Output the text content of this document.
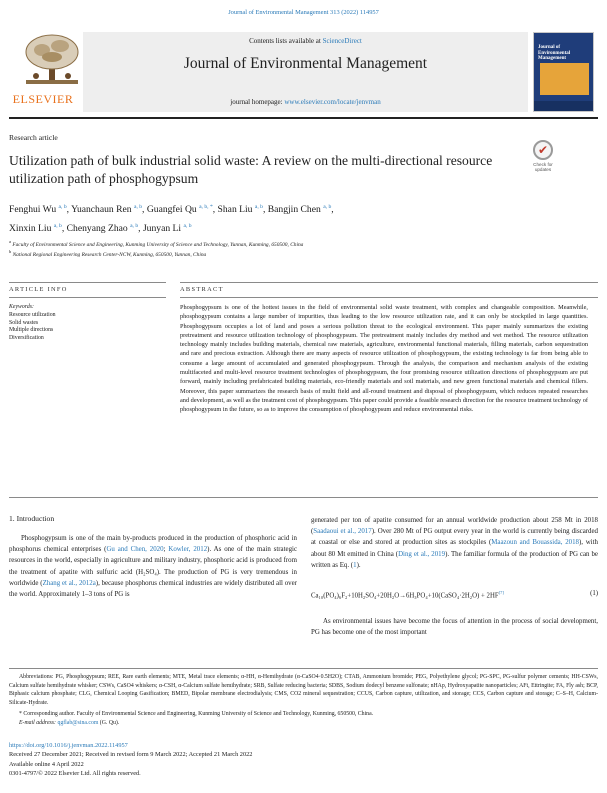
Journal of Environmental Management 313 (2022) 114957
ELSEVIER
Contents lists available at ScienceDirect
Journal of Environmental Management
journal homepage: www.elsevier.com/locate/jenvman
Journal of Environmental Management
Research article
Utilization path of bulk industrial solid waste: A review on the multi-directional resource utilization path of phosphogypsum
✔
Check for updates
Fenghui Wu $^{a, b}$, Yuanchaun Ren $^{a, b}$, Guangfei Qu $^{a, b, *}$, Shan Liu $^{a, b}$, Bangjin Chen $^{a, b}$,
Xinxin Liu $^{a, b}$, Chenyang Zhao $^{a, b}$, Junyan Li $^{a, b}$
$^a$ Faculty of Environmental Science and Engineering, Kunming University of Science and Technology, Yunnan, Kunming, 650500, China
$^b$ National Regional Engineering Research Center-NCW, Kunming, 650500, Yunnan, China
ARTICLE INFO	ABSTRACT
Keywords:
Resource utilization
Solid wastes
Multiple directions
Diversification
Phosphogypsum is one of the hottest issues in the field of environmental solid waste treatment, with complex and changeable composition. Meanwhile, phosphogypsum contains a large number of impurities, thus leading to the low resource utilization rate, and it can only be stockpiled in large quantities. Phosphogypsum occupies a lot of land and poses a serious pollution threat to the ecological environment. This paper mainly summarizes the existing pretreatment and resource utilization technology of phosphogypsum. The pretreatment mainly includes dry method and wet method. The resource utilization technology mainly includes building materials, chemical raw materials, agriculture, environmental functional materials, filling materials, carbon sequestration and rare and precious extraction. Although there are many aspects of resource utilization of phosphogypsum, the existing technology is far from being able to consume a large amount of accumulated and generated phosphogypsum. Through the analysis, the comparison and mechanism analysis of the existing multifaceted and multi-level resource treatment technologies of phosphogypsum, the four promising resource utilization directions of phosphogypsum are put forward, mainly including prefabricated building materials, eco-friendly materials and soil materials, and new green functional materials and chemical fillers. Moreover, this paper summarizes the research basis of multi field and all-round treatment and disposal of phosphogypsum, which reduces repeated researches and development, as well as the treatment cost of phosphogypsum. This paper could provide a feasible research direction for the resource treatment technology of phosphogypsum in the future, so as to improve the consumption of phosphogypsum and reduce environmental risks.
1. Introduction
Phosphogypsum is one of the main by-products produced in the production of phosphoric acid in phosphorus chemical enterprises (Gu and Chen, 2020; Kowler, 2012). As one of the main strategic resources in the world, especially in agriculture and military industry, phosphoric acid is produced from the treatment of apatite with sulfuric acid (H₂SO₄). The production of PG is very tremendous in worldwide (Zhang et al., 2012a), because phosphorus chemical industries are widely distributed all over the world. Approximately 1–3 tons of PG is
generated per ton of apatite consumed for an annual worldwide production about 258 Mt in 2018 (Saadaoui et al., 2017). Over 280 Mt of PG output every year in the world is currently being discarded at coastal or else and stored at production sites as stockpiles (Maazoun and Bouassida, 2018), with about 80 Mt emitted in China (Ding et al., 2019). The familiar formula of the production of PG can be written as Eq. (1).
Ca₁₀(PO₄)₆F₂+10H₂SO₄+20H₂O→6H₃PO₄+10(CaSO₄·2H₂O) + 2HF[7]	(1)
As environmental issues have become the focus of attention in the process of social development, PG has become one of the most important
Abbreviations: PG, Phosphogypsum; REE, Rare earth elements; MTE, Metal trace elements; α-HH, α-Hemihydrate (α-CaSO4·0.5H2O); CTAB, Ammonium bromide; PEG, Polyethylene glycol; PG-SPC, PG-sulfur polymer cements; HH-CSWs, Calcium sulfate hemihydrate whisker; CSWs, CaSO4 whiskers; α-CSH, α-Calcium sulfate hemihydrate; SRB, Sulfate reducing bacteria; SDBS, Sodium dodecyl benzene sulfonate; nHAp, Hydroxyapatite nanoparticles; AFt, Ettringite; FA, Fly ash; BCP, Biphasic calcium phosphate; CLG, Chemical Looping Gasification; BMED, Bipolar membrane electrodialysis; CMS, CO2 mineral sequestration; CCUS, Carbon capture, utilization, and storage; CCS, Carbon capture and storage; C–S–H, Calcium-Silicate-Hydrate.
* Corresponding author. Faculty of Environmental Science and Engineering, Kunming University of Science and Technology, Kunming, 650500, China.
E-mail address: qgflab@sina.com (G. Qu).
https://doi.org/10.1016/j.jenvman.2022.114957
Received 27 December 2021; Received in revised form 9 March 2022; Accepted 21 March 2022
Available online 4 April 2022
0301-4797/© 2022 Elsevier Ltd. All rights reserved.
